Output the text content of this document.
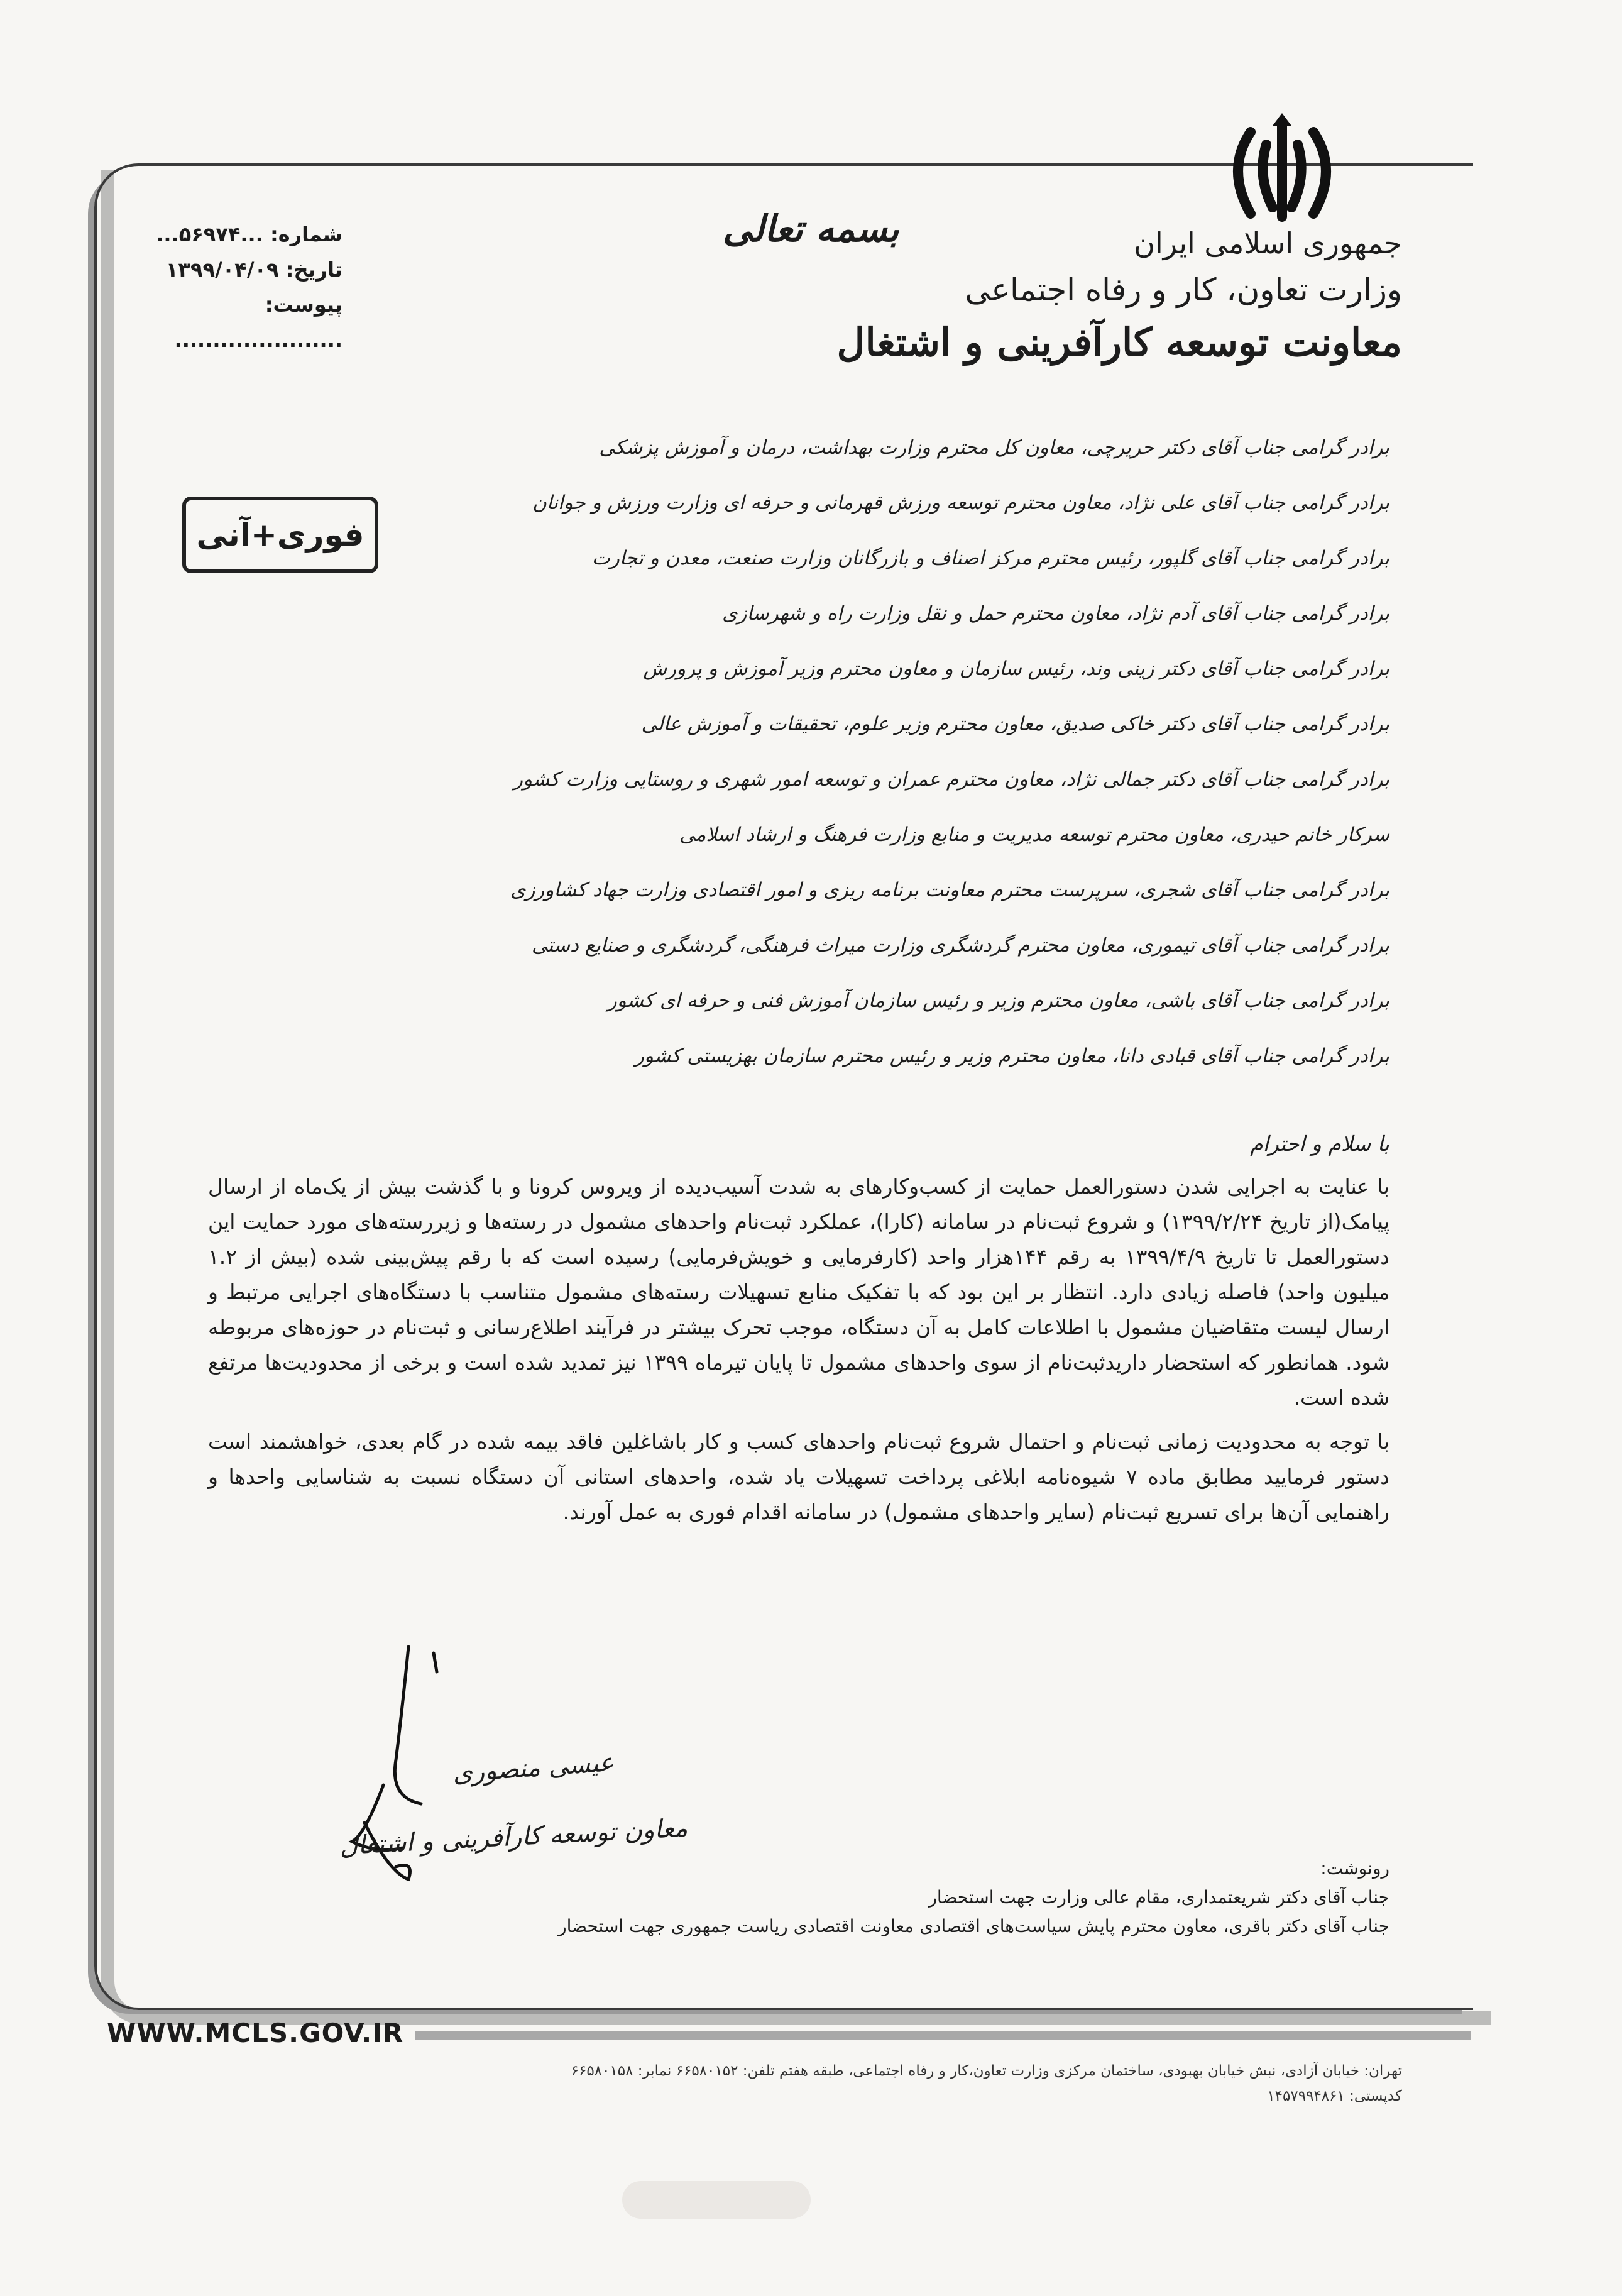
جمهوری اسلامی ایران
وزارت تعاون، کار و رفاه اجتماعی
معاونت توسعه کارآفرینی و اشتغال
بسمه تعالی
شماره: ...۵۶۹۷۴...
تاریخ: ۱۳۹۹/۰۴/۰۹
پیوست: ......................
فوری+آنی
برادر گرامی جناب آقای دکتر حریرچی، معاون کل محترم وزارت بهداشت، درمان و آموزش پزشکی
برادر گرامی جناب آقای علی نژاد، معاون محترم توسعه ورزش قهرمانی و حرفه ای وزارت ورزش و جوانان
برادر گرامی جناب آقای گلپور، رئیس محترم مرکز اصناف و بازرگانان وزارت صنعت، معدن و تجارت
برادر گرامی جناب آقای آدم نژاد، معاون محترم حمل و نقل وزارت راه و شهرسازی
برادر گرامی جناب آقای دکتر زینی وند، رئیس سازمان و معاون محترم وزیر آموزش و پرورش
برادر گرامی جناب آقای دکتر خاکی صدیق، معاون محترم وزیر علوم، تحقیقات و آموزش عالی
برادر گرامی جناب آقای دکتر جمالی نژاد، معاون محترم عمران و توسعه امور شهری و روستایی وزارت کشور
سرکار خانم حیدری، معاون محترم توسعه مدیریت و منابع وزارت فرهنگ و ارشاد اسلامی
برادر گرامی جناب آقای شجری، سرپرست محترم معاونت برنامه ریزی و امور اقتصادی وزارت جهاد کشاورزی
برادر گرامی جناب آقای تیموری، معاون محترم گردشگری وزارت میراث فرهنگی، گردشگری و صنایع دستی
برادر گرامی جناب آقای باشی، معاون محترم وزیر و رئیس سازمان آموزش فنی و حرفه ای کشور
برادر گرامی جناب آقای قبادی دانا، معاون محترم وزیر و رئیس محترم سازمان بهزیستی کشور
با سلام و احترام

با عنایت به اجرایی شدن دستورالعمل حمایت از کسب‌وکارهای به شدت آسیب‌دیده از ویروس کرونا و با گذشت بیش از یک‌ماه از ارسال پیامک(از تاریخ ۱۳۹۹/۲/۲۴) و شروع ثبت‌نام در سامانه (کارا)، عملکرد ثبت‌نام واحدهای مشمول در رسته‌ها و زیررسته‌های مورد حمایت این دستورالعمل تا تاریخ ۱۳۹۹/۴/۹ به رقم ۱۴۴هزار واحد (کارفرمایی و خویش‌فرمایی) رسیده است که با رقم پیش‌بینی شده (بیش از ۱.۲ میلیون واحد) فاصله زیادی دارد. انتظار بر این بود که با تفکیک منابع تسهیلات رسته‌های مشمول متناسب با دستگاه‌های اجرایی مرتبط و ارسال لیست متقاضیان مشمول با اطلاعات کامل به آن دستگاه، موجب تحرک بیشتر در فرآیند اطلاع‌رسانی و ثبت‌نام در حوزه‌های مربوطه شود. همانطور که استحضار دارید‌ثبت‌نام از سوی واحدهای مشمول تا پایان تیرماه ۱۳۹۹ نیز تمدید شده است و برخی از محدودیت‌ها مرتفع شده است.

با توجه به محدودیت زمانی ثبت‌نام و احتمال شروع ثبت‌نام واحدهای کسب و کار باشاغلین فاقد بیمه شده در گام بعدی، خواهشمند است دستور فرمایید مطابق ماده ۷ شیوه‌نامه ابلاغی پرداخت تسهیلات یاد شده، واحدهای استانی آن دستگاه نسبت به شناسایی واحدها و راهنمایی آن‌ها برای تسریع ثبت‌نام (سایر واحدهای مشمول) در سامانه اقدام فوری به عمل آورند.

عیسی منصوری
معاون توسعه کارآفرینی و اشتغال
رونوشت:
جناب آقای دکتر شریعتمداری، مقام عالی وزارت جهت استحضار
جناب آقای دکتر باقری، معاون محترم پایش سیاست‌های اقتصادی معاونت اقتصادی ریاست جمهوری جهت استحضار
WWW.MCLS.GOV.IR
تهران: خیابان آزادی، نبش خیابان بهبودی، ساختمان مرکزی وزارت تعاون،کار و رفاه اجتماعی، طبقه هفتم تلفن: ۶۶۵۸۰۱۵۲ نمابر: ۶۶۵۸۰۱۵۸
کدپستی: ۱۴۵۷۹۹۴۸۶۱
